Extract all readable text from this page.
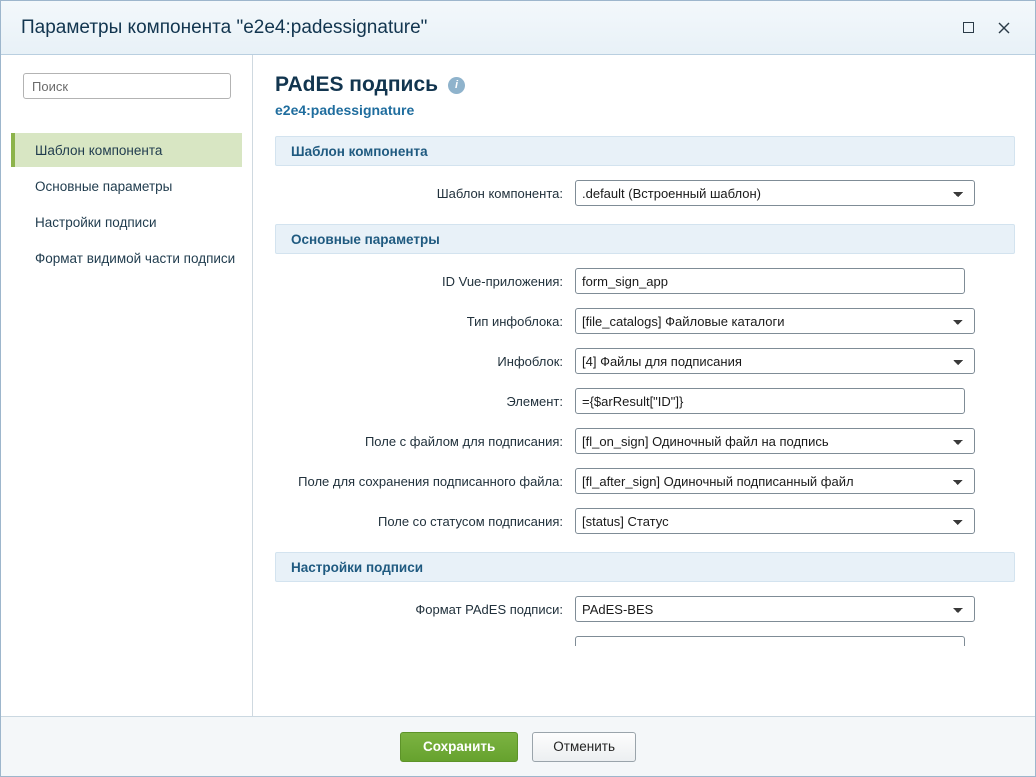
Параметры компонента "e2e4:padessignature"
Поиск
Шаблон компонента
Основные параметры
Настройки подписи
Формат видимой части подписи
PAdES подпись	i
e2e4:padessignature
Шаблон компонента
Шаблон компонента:
.default (Встроенный шаблон)
Основные параметры
ID Vue-приложения:
form_sign_app
Тип инфоблока:
[file_catalogs] Файловые каталоги
Инфоблок:
[4] Файлы для подписания
Элемент:
={$arResult["ID"]}
Поле с файлом для подписания:
[fl_on_sign] Одиночный файл на подпись
Поле для сохранения подписанного файла:
[fl_after_sign] Одиночный подписанный файл
Поле со статусом подписания:
[status] Статус
Настройки подписи
Формат PAdES подписи:
PAdES-BES
Сохранить	Отменить
